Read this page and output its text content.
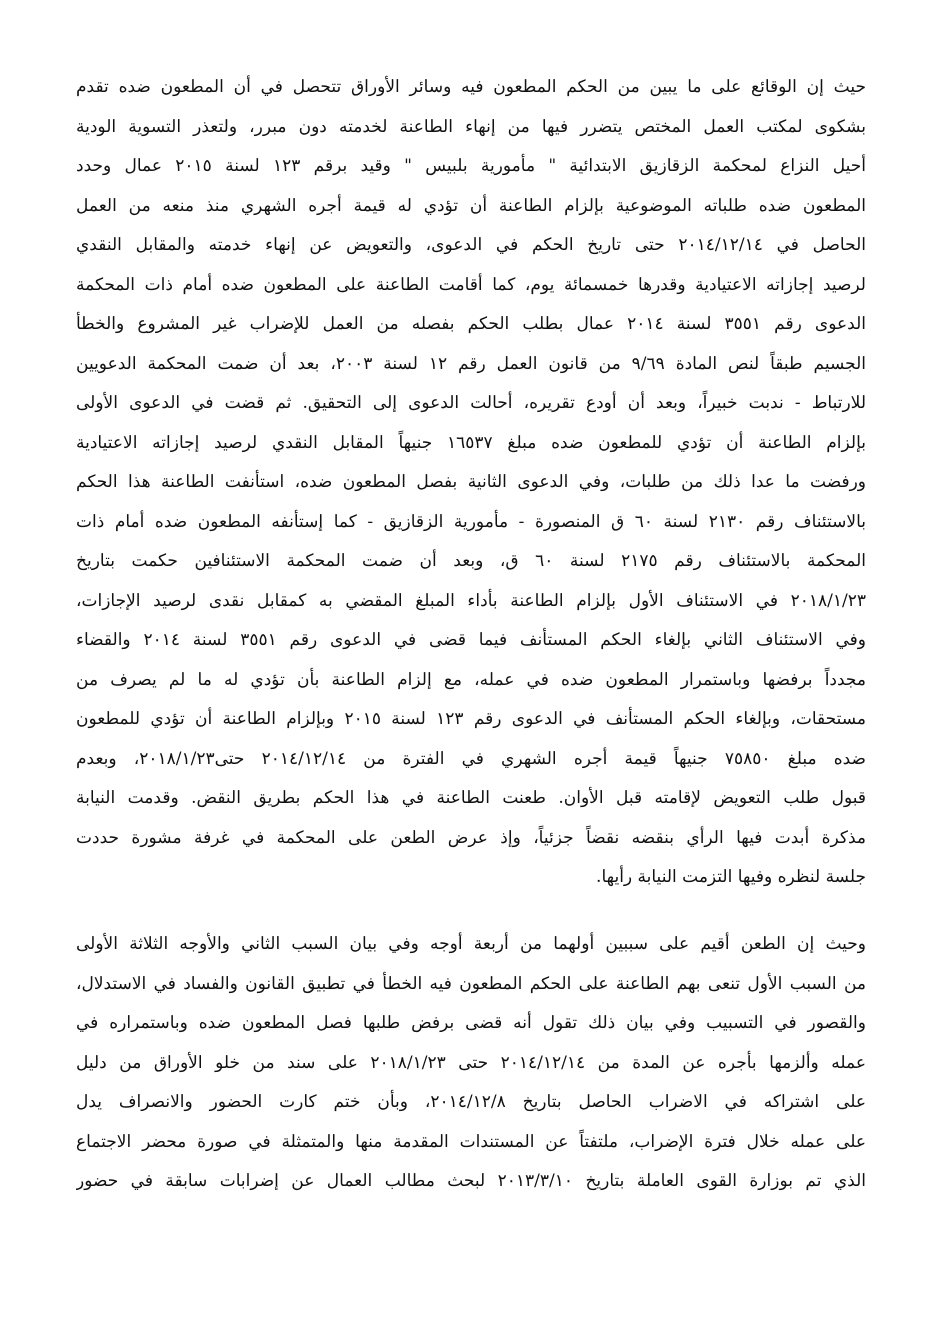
حيث إن الوقائع على ما يبين من الحكم المطعون فيه وسائر الأوراق تتحصل في أن المطعون ضده تقدم
بشكوى لمكتب العمل المختص يتضرر فيها من إنهاء الطاعنة لخدمته دون مبرر، ولتعذر التسوية الودية
أحيل النزاع لمحكمة الزقازيق الابتدائية " مأمورية بلبيس " وقيد برقم ١٢٣ لسنة ٢٠١٥ عمال وحدد
المطعون ضده طلباته الموضوعية بإلزام الطاعنة أن تؤدي له قيمة أجره الشهري منذ منعه من العمل
الحاصل في ٢٠١٤/١٢/١٤ حتى تاريخ الحكم في الدعوى، والتعويض عن إنهاء خدمته والمقابل النقدي
لرصيد إجازاته الاعتيادية وقدرها خمسمائة يوم، كما أقامت الطاعنة على المطعون ضده أمام ذات المحكمة
الدعوى رقم ٣٥٥١ لسنة ٢٠١٤ عمال بطلب الحكم بفصله من العمل للإضراب غير المشروع والخطأ
الجسيم طبقاً لنص المادة ٩/٦٩ من قانون العمل رقم ١٢ لسنة ٢٠٠٣، بعد أن ضمت المحكمة الدعويين
للارتباط - ندبت خبيراً، وبعد أن أودع تقريره، أحالت الدعوى إلى التحقيق. ثم قضت في الدعوى الأولى
بإلزام الطاعنة أن تؤدي للمطعون ضده مبلغ ١٦٥٣٧ جنيهاً المقابل النقدي لرصيد إجازاته الاعتيادية
ورفضت ما عدا ذلك من طلبات، وفي الدعوى الثانية بفصل المطعون ضده، استأنفت الطاعنة هذا الحكم
بالاستئناف رقم ٢١٣٠ لسنة ٦٠ ق المنصورة - مأمورية الزقازيق - كما إستأنفه المطعون ضده أمام ذات
المحكمة بالاستئناف رقم ٢١٧٥ لسنة ٦٠ ق، وبعد أن ضمت المحكمة الاستئنافين حكمت بتاريخ
٢٠١٨/١/٢٣ في الاستئناف الأول بإلزام الطاعنة بأداء المبلغ المقضي به كمقابل نقدى لرصيد الإجازات،
وفي الاستئناف الثاني بإلغاء الحكم المستأنف فيما قضى في الدعوى رقم ٣٥٥١ لسنة ٢٠١٤ والقضاء
مجدداً برفضها وباستمرار المطعون ضده في عمله، مع إلزام الطاعنة بأن تؤدي له ما لم يصرف من
مستحقات، وبإلغاء الحكم المستأنف في الدعوى رقم ١٢٣ لسنة ٢٠١٥ وبإلزام الطاعنة أن تؤدي للمطعون
ضده مبلغ ٧٥٨٥٠ جنيهاً قيمة أجره الشهري في الفترة من ٢٠١٤/١٢/١٤ حتى٢٠١٨/١/٢٣، وبعدم
قبول طلب التعويض لإقامته قبل الأوان. طعنت الطاعنة في هذا الحكم بطريق النقض. وقدمت النيابة
مذكرة أبدت فيها الرأي بنقضه نقضاً جزئياً، وإذ عرض الطعن على المحكمة في غرفة مشورة حددت
جلسة لنظره وفيها التزمت النيابة رأيها.
وحيث إن الطعن أقيم على سببين أولهما من أربعة أوجه وفي بيان السبب الثاني والأوجه الثلاثة الأولى
من السبب الأول تنعى بهم الطاعنة على الحكم المطعون فيه الخطأ في تطبيق القانون والفساد في الاستدلال،
والقصور في التسبيب وفي بيان ذلك تقول أنه قضى برفض طلبها فصل المطعون ضده وباستمراره في
عمله وألزمها بأجره عن المدة من ٢٠١٤/١٢/١٤ حتى ٢٠١٨/١/٢٣ على سند من خلو الأوراق من دليل
على اشتراكه في الاضراب الحاصل بتاريخ ٢٠١٤/١٢/٨، وبأن ختم كارت الحضور والانصراف يدل
على عمله خلال فترة الإضراب، ملتفتاً عن المستندات المقدمة منها والمتمثلة في صورة محضر الاجتماع
الذي تم بوزارة القوى العاملة بتاريخ ٢٠١٣/٣/١٠ لبحث مطالب العمال عن إضرابات سابقة في حضور
